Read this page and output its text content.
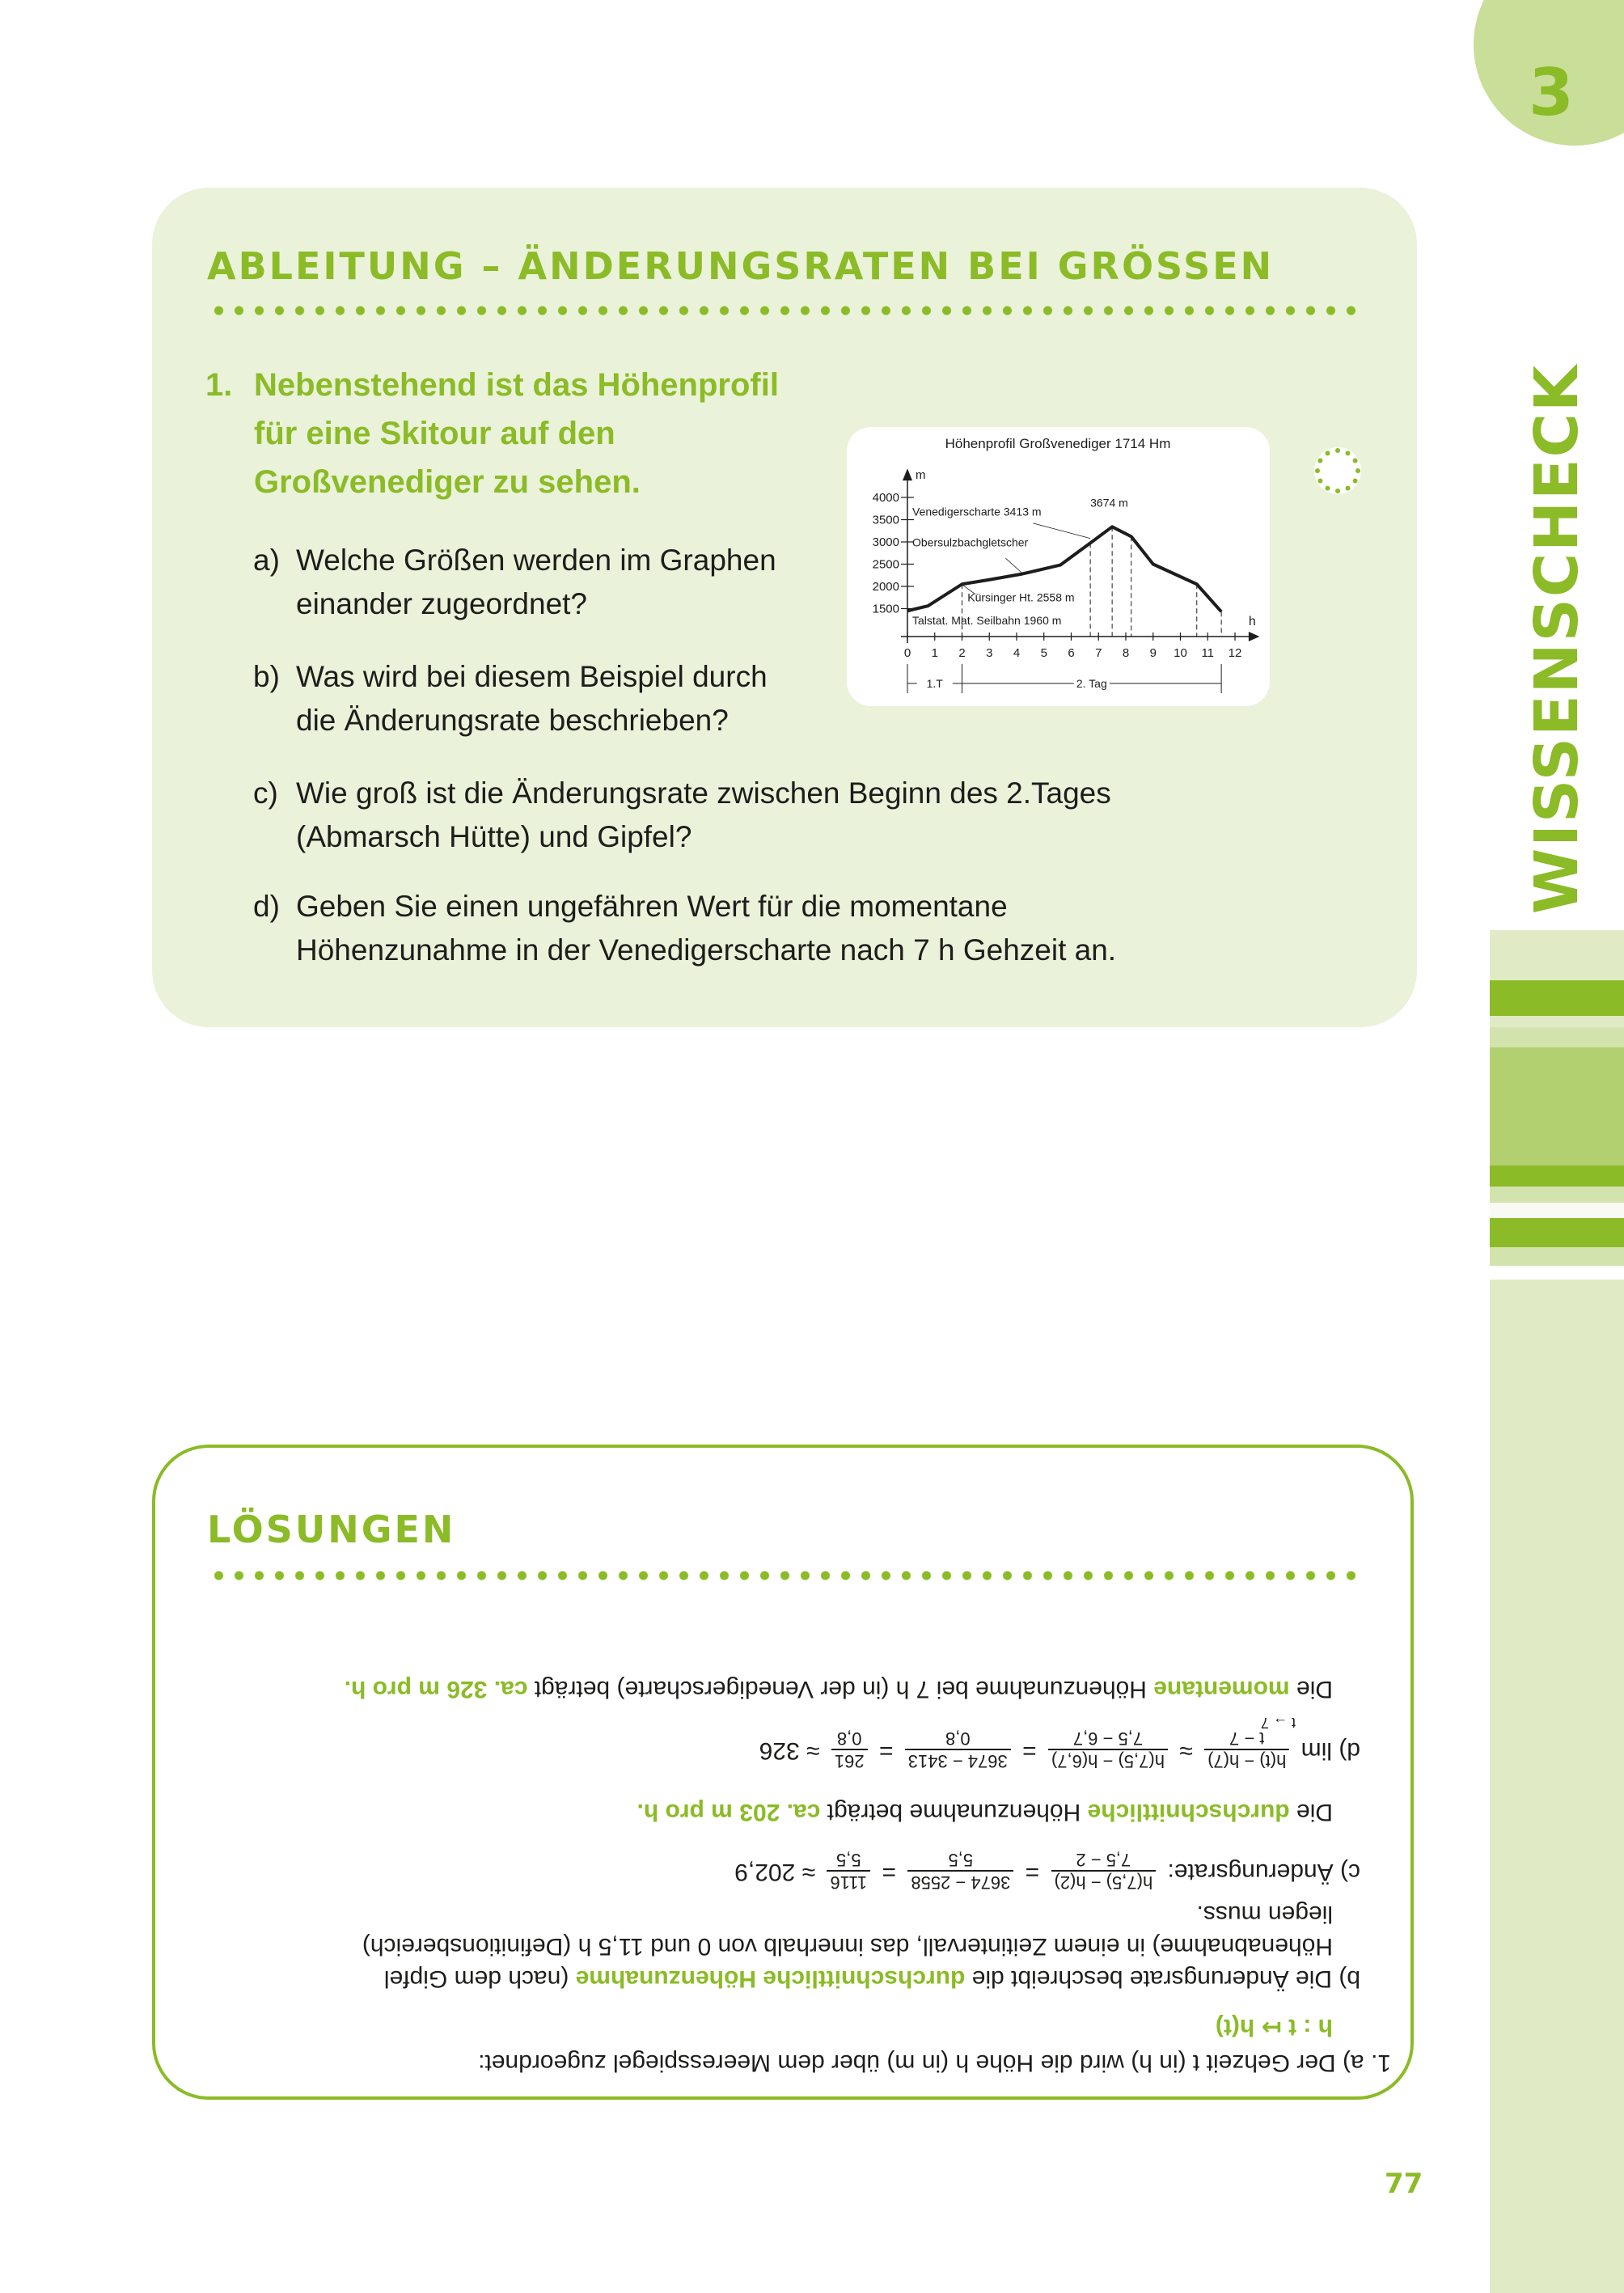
3
WISSENSCHECK
ABLEITUNG – ÄNDERUNGSRATEN BEI GRÖSSEN
1. Nebenstehend ist das Höhenprofil
für eine Skitour auf den
Großvenediger zu sehen.
a) Welche Größen werden im Graphen
einander zugeordnet?
b) Was wird bei diesem Beispiel durch
die Änderungsrate beschrieben?
c) Wie groß ist die Änderungsrate zwischen Beginn des 2.Tages
(Abmarsch Hütte) und Gipfel?
d) Geben Sie einen ungefähren Wert für die momentane
Höhenzunahme in der Venedigerscharte nach 7 h Gehzeit an.
Höhenprofil Großvenediger 1714 Hm
m
h
1500
2000
2500
3000
3500
4000
0 1 2 3 4 5 6 7 8 9 10 11 12
Venedigerscharte 3413 m
3674 m
Obersulzbachgletscher
Kürsinger Ht. 2558 m
Talstat. Mat. Seilbahn 1960 m
1.T	2. Tag
LÖSUNGEN
1. a) Der Gehzeit t (in h) wird die Höhe h (in m) über dem Meeresspiegel zugeordnet:
h : t ↦ h(t)
b) Die Änderungsrate beschreibt die durchschnittliche Höhenzunahme (nach dem Gipfel
Höhenabnahme) in einem Zeitintervall, das innerhalb von 0 und 11,5 h (Definitionsbereich)
liegen muss.
c) Änderungsrate:
h(7,5) − h(2)
7,5 − 2
=
3674 − 2558
5,5
=
1116
5,5
≈ 202,9
Die durchschnittliche Höhenzunahme beträgt ca. 203 m pro h.
d) lim
h(t) − h(7)
t − 7
≈
h(7,5) − h(6,7)
7,5 − 6,7
=
3674 − 3413
0,8
=
261
0,8
≈ 326
t → 7
Die momentane Höhenzunahme bei 7 h (in der Venedigerscharte) beträgt ca. 326 m pro h.
77
